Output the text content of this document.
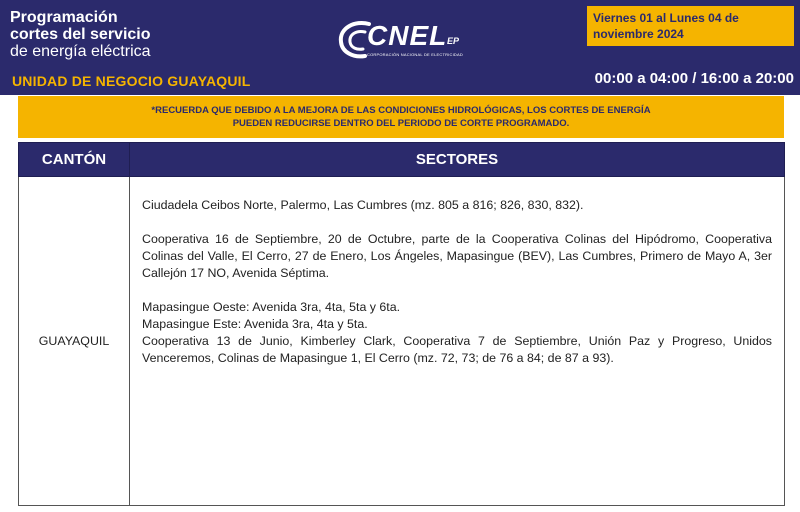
Programación
cortes del servicio
de energía eléctrica
UNIDAD DE NEGOCIO GUAYAQUIL
CNEL EP
CORPORACIÓN NACIONAL DE ELECTRICIDAD
Viernes 01 al Lunes 04 de
noviembre 2024
00:00 a 04:00 / 16:00 a 20:00
*RECUERDA QUE DEBIDO A LA MEJORA DE LAS CONDICIONES HIDROLÓGICAS, LOS CORTES DE ENERGÍA
PUEDEN REDUCIRSE DENTRO DEL PERIODO DE CORTE PROGRAMADO.
CANTÓN	SECTORES
GUAYAQUIL	Ciudadela Ceibos Norte, Palermo, Las Cumbres (mz. 805 a 816; 826, 830, 832).

Cooperativa 16 de Septiembre, 20 de Octubre, parte de la Cooperativa Colinas del Hipódromo, Cooperativa Colinas del Valle, El Cerro, 27 de Enero, Los Ángeles, Mapasingue (BEV), Las Cumbres, Primero de Mayo A, 3er Callejón 17 NO, Avenida Séptima.

Mapasingue Oeste: Avenida 3ra, 4ta, 5ta y 6ta.

Mapasingue Este: Avenida 3ra, 4ta y 5ta.

Cooperativa 13 de Junio, Kimberley Clark, Cooperativa 7 de Septiembre, Unión Paz y Progreso, Unidos Venceremos, Colinas de Mapasingue 1, El Cerro (mz. 72, 73; de 76 a 84; de 87 a 93).
